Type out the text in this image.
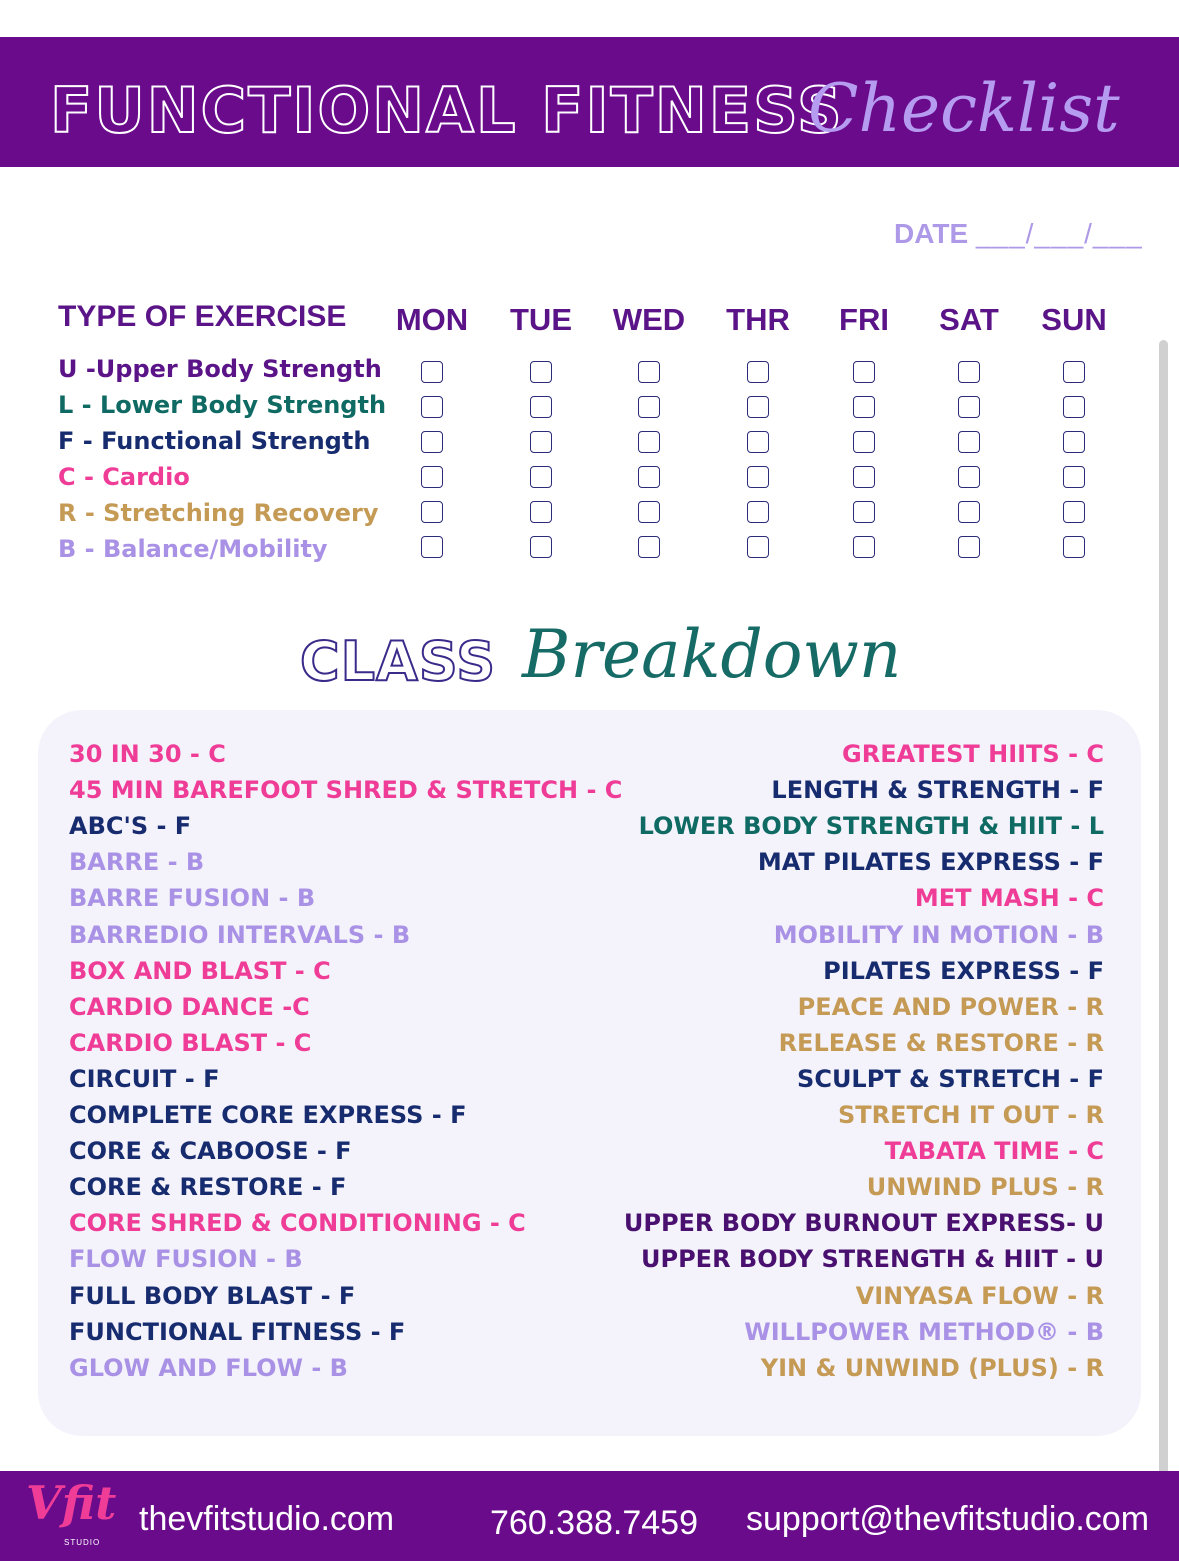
FUNCTIONAL FITNESS
Checklist
DATE ___/___/___
TYPE OF EXERCISE	MON	TUE	WED	THR	FRI	SAT	SUN
U -Upper Body Strength
L - Lower Body Strength
F - Functional Strength
C - Cardio
R - Stretching Recovery
B - Balance/Mobility
CLASS Breakdown
30 IN 30 - C
45 MIN BAREFOOT SHRED & STRETCH - C
ABC'S - F
BARRE - B
BARRE FUSION - B
BARREDIO INTERVALS - B
BOX AND BLAST - C
CARDIO DANCE -C
CARDIO BLAST - C
CIRCUIT - F
COMPLETE CORE EXPRESS - F
CORE & CABOOSE - F
CORE & RESTORE - F
CORE SHRED & CONDITIONING - C
FLOW FUSION - B
FULL BODY BLAST - F
FUNCTIONAL FITNESS - F
GLOW AND FLOW - B
GREATEST HIITS - C
LENGTH & STRENGTH - F
LOWER BODY STRENGTH & HIIT - L
MAT PILATES EXPRESS - F
MET MASH - C
MOBILITY IN MOTION - B
PILATES EXPRESS - F
PEACE AND POWER - R
RELEASE & RESTORE - R
SCULPT & STRETCH - F
STRETCH IT OUT - R
TABATA TIME - C
UNWIND PLUS - R
UPPER BODY BURNOUT EXPRESS- U
UPPER BODY STRENGTH & HIIT - U
VINYASA FLOW - R
WILLPOWER METHOD® - B
YIN & UNWIND (PLUS) - R
Vfit
STUDIO
thevfitstudio.com	760.388.7459 support@thevfitstudio.com
